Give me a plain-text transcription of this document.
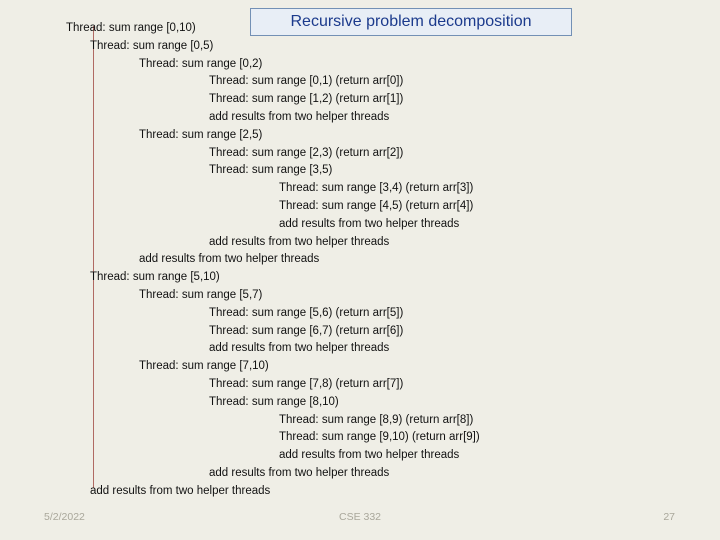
Recursive problem decomposition
Thread: sum range [0,10)
Thread: sum range [0,5)
Thread: sum range [0,2)
Thread: sum range [0,1) (return arr[0])
Thread: sum range [1,2) (return arr[1])
add results from two helper threads
Thread: sum range [2,5)
Thread: sum range [2,3) (return arr[2])
Thread: sum range [3,5)
Thread: sum range [3,4) (return arr[3])
Thread: sum range [4,5) (return arr[4])
add results from two helper threads
add results from two helper threads
add results from two helper threads
Thread: sum range [5,10)
Thread: sum range [5,7)
Thread: sum range [5,6) (return arr[5])
Thread: sum range [6,7) (return arr[6])
add results from two helper threads
Thread: sum range [7,10)
Thread: sum range [7,8) (return arr[7])
Thread: sum range [8,10)
Thread: sum range [8,9) (return arr[8])
Thread: sum range [9,10) (return arr[9])
add results from two helper threads
add results from two helper threads
add results from two helper threads
5/2/2022	CSE 332	27
